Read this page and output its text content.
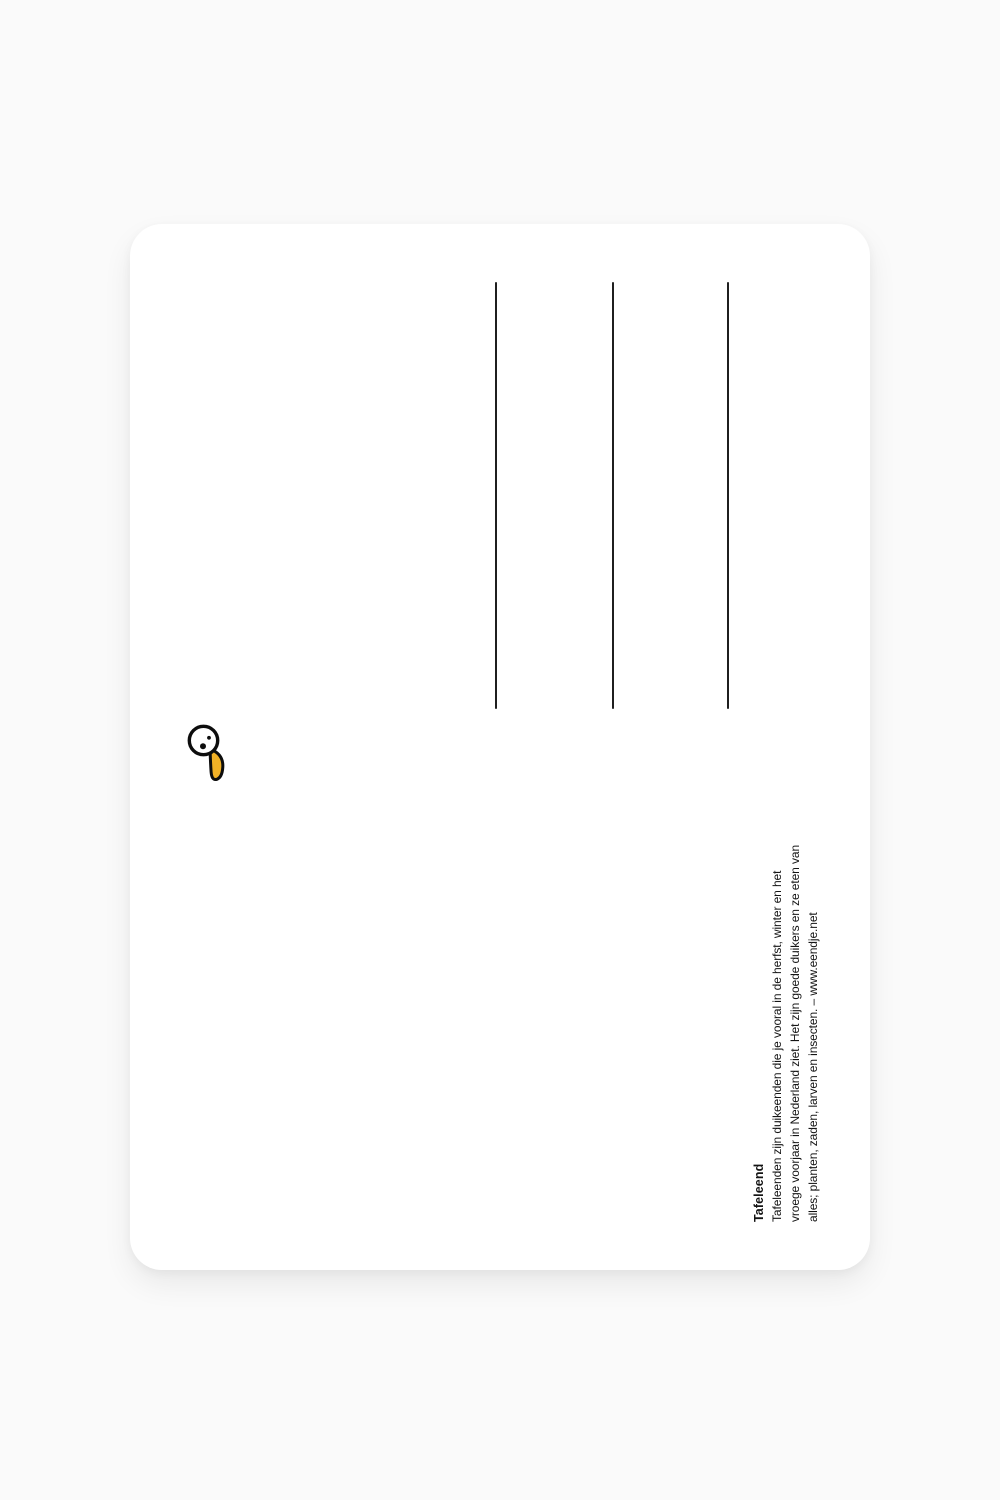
Tafeleend Tafeleenden zijn duikeenden die je vooral in de herfst, winter en het vroege voorjaar in Nederland ziet. Het zijn goede duikers en ze eten van alles; planten, zaden, larven en insecten. – www.eendje.net
